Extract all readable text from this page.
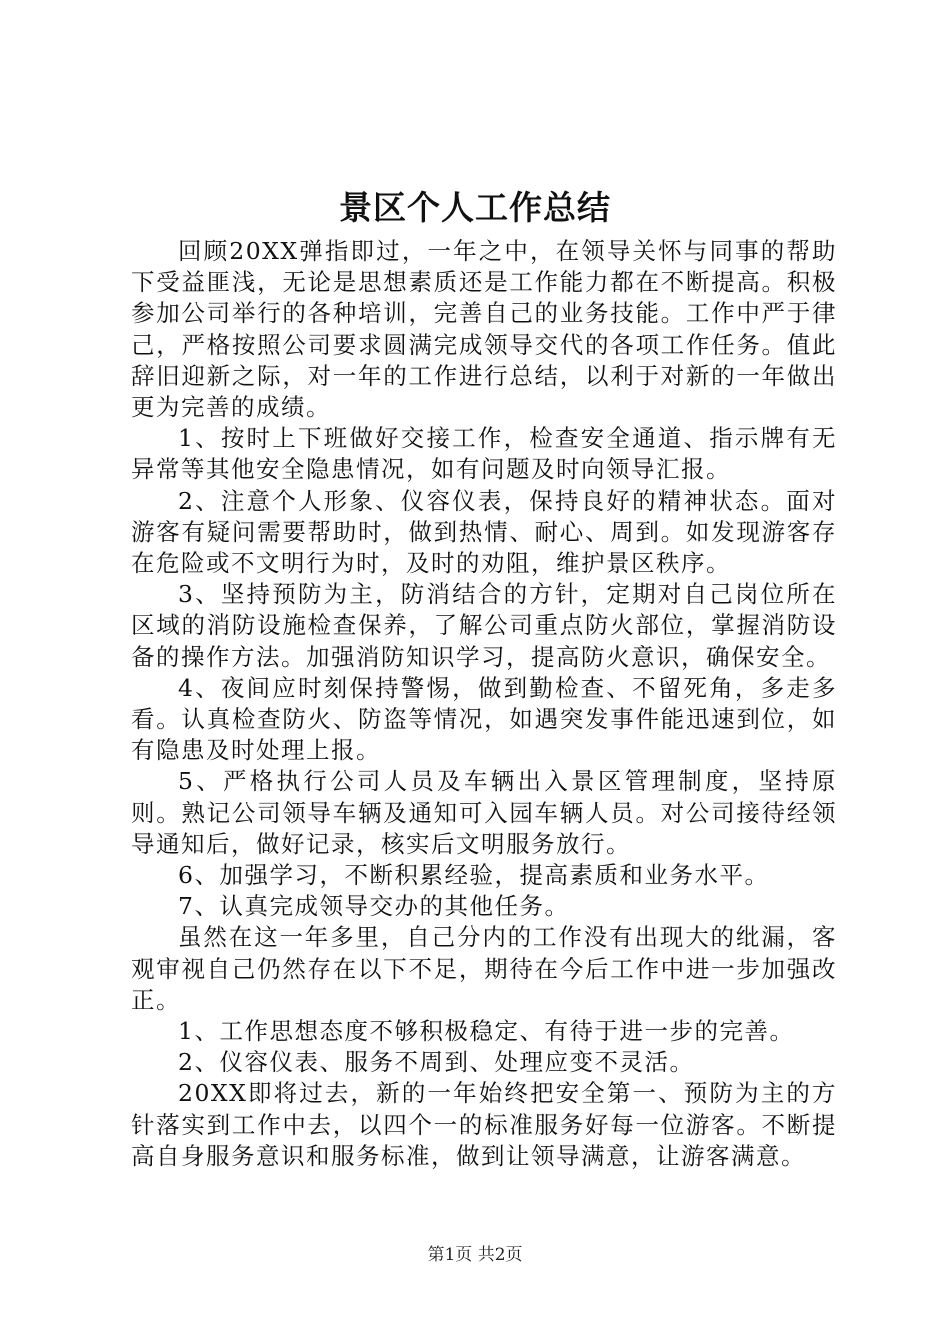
景区个人工作总结

回顾20XX弹指即过，一年之中，在领导关怀与同事的帮助下受益匪浅，无论是思想素质还是工作能力都在不断提高。积极参加公司举行的各种培训，完善自己的业务技能。工作中严于律己，严格按照公司要求圆满完成领导交代的各项工作任务。值此辞旧迎新之际，对一年的工作进行总结，以利于对新的一年做出更为完善的成绩。

1、按时上下班做好交接工作，检查安全通道、指示牌有无异常等其他安全隐患情况，如有问题及时向领导汇报。

2、注意个人形象、仪容仪表，保持良好的精神状态。面对游客有疑问需要帮助时，做到热情、耐心、周到。如发现游客存在危险或不文明行为时，及时的劝阻，维护景区秩序。

3、坚持预防为主，防消结合的方针，定期对自己岗位所在区域的消防设施检查保养，了解公司重点防火部位，掌握消防设备的操作方法。加强消防知识学习，提高防火意识，确保安全。

4、夜间应时刻保持警惕，做到勤检查、不留死角，多走多看。认真检查防火、防盗等情况，如遇突发事件能迅速到位，如有隐患及时处理上报。

5、严格执行公司人员及车辆出入景区管理制度，坚持原则。熟记公司领导车辆及通知可入园车辆人员。对公司接待经领导通知后，做好记录，核实后文明服务放行。

6、加强学习，不断积累经验，提高素质和业务水平。

7、认真完成领导交办的其他任务。

虽然在这一年多里，自己分内的工作没有出现大的纰漏，客观审视自己仍然存在以下不足，期待在今后工作中进一步加强改正。

1、工作思想态度不够积极稳定、有待于进一步的完善。

2、仪容仪表、服务不周到、处理应变不灵活。

20XX即将过去，新的一年始终把安全第一、预防为主的方针落实到工作中去，以四个一的标准服务好每一位游客。不断提高自身服务意识和服务标准，做到让领导满意，让游客满意。

第1页 共2页
